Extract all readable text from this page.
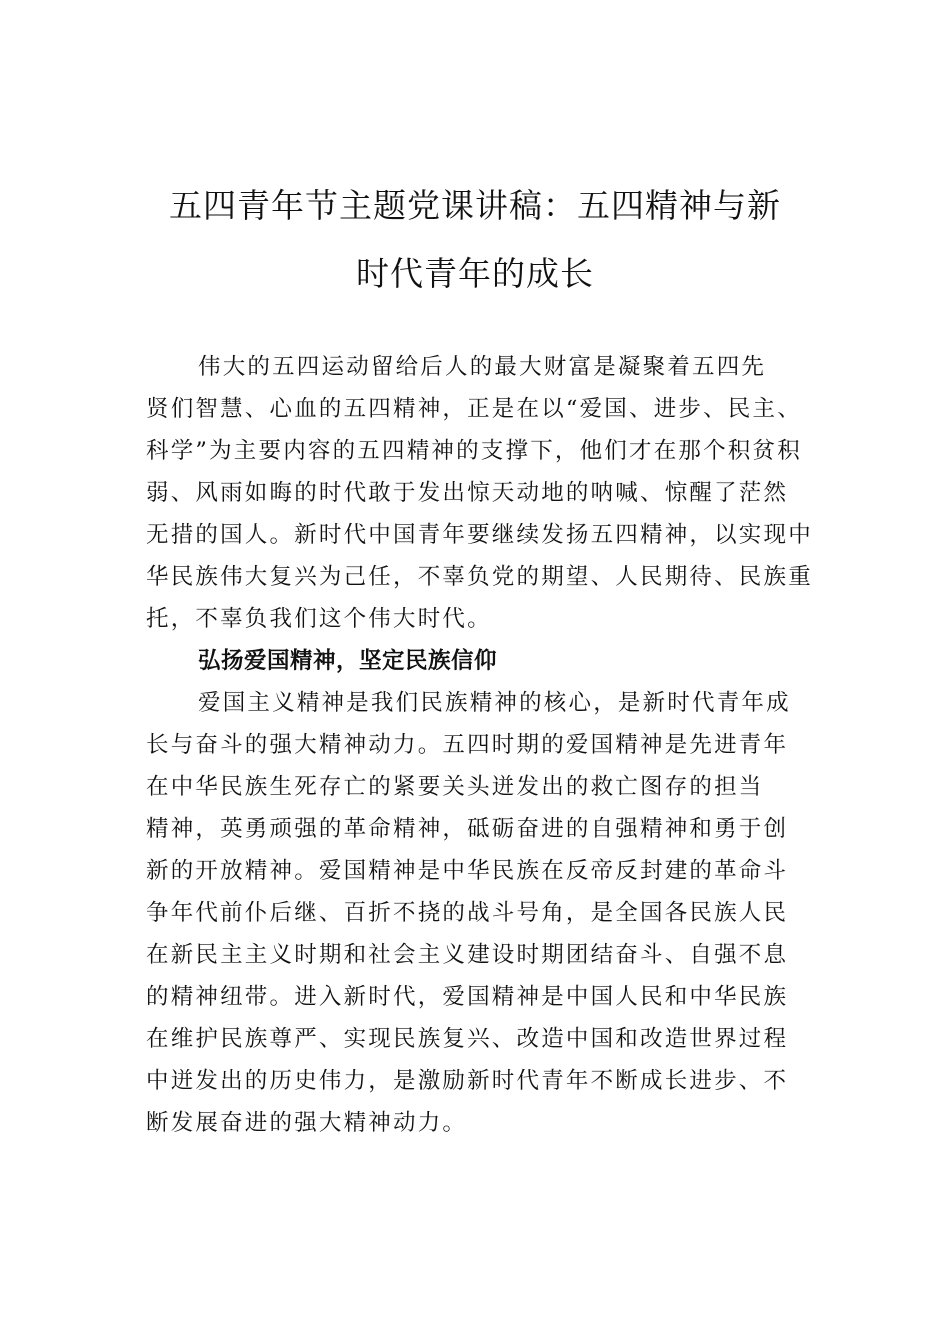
五四青年节主题党课讲稿：五四精神与新
时代青年的成长
伟大的五四运动留给后人的最大财富是凝聚着五四先
贤们智慧、心血的五四精神，正是在以“爱国、进步、民主、
科学”为主要内容的五四精神的支撑下，他们才在那个积贫积
弱、风雨如晦的时代敢于发出惊天动地的呐喊、惊醒了茫然
无措的国人。新时代中国青年要继续发扬五四精神，以实现中
华民族伟大复兴为己任，不辜负党的期望、人民期待、民族重
托，不辜负我们这个伟大时代。
弘扬爱国精神，坚定民族信仰
爱国主义精神是我们民族精神的核心，是新时代青年成
长与奋斗的强大精神动力。五四时期的爱国精神是先进青年
在中华民族生死存亡的紧要关头迸发出的救亡图存的担当
精神，英勇顽强的革命精神，砥砺奋进的自强精神和勇于创
新的开放精神。爱国精神是中华民族在反帝反封建的革命斗
争年代前仆后继、百折不挠的战斗号角，是全国各民族人民
在新民主主义时期和社会主义建设时期团结奋斗、自强不息
的精神纽带。进入新时代，爱国精神是中国人民和中华民族
在维护民族尊严、实现民族复兴、改造中国和改造世界过程
中迸发出的历史伟力，是激励新时代青年不断成长进步、不
断发展奋进的强大精神动力。
